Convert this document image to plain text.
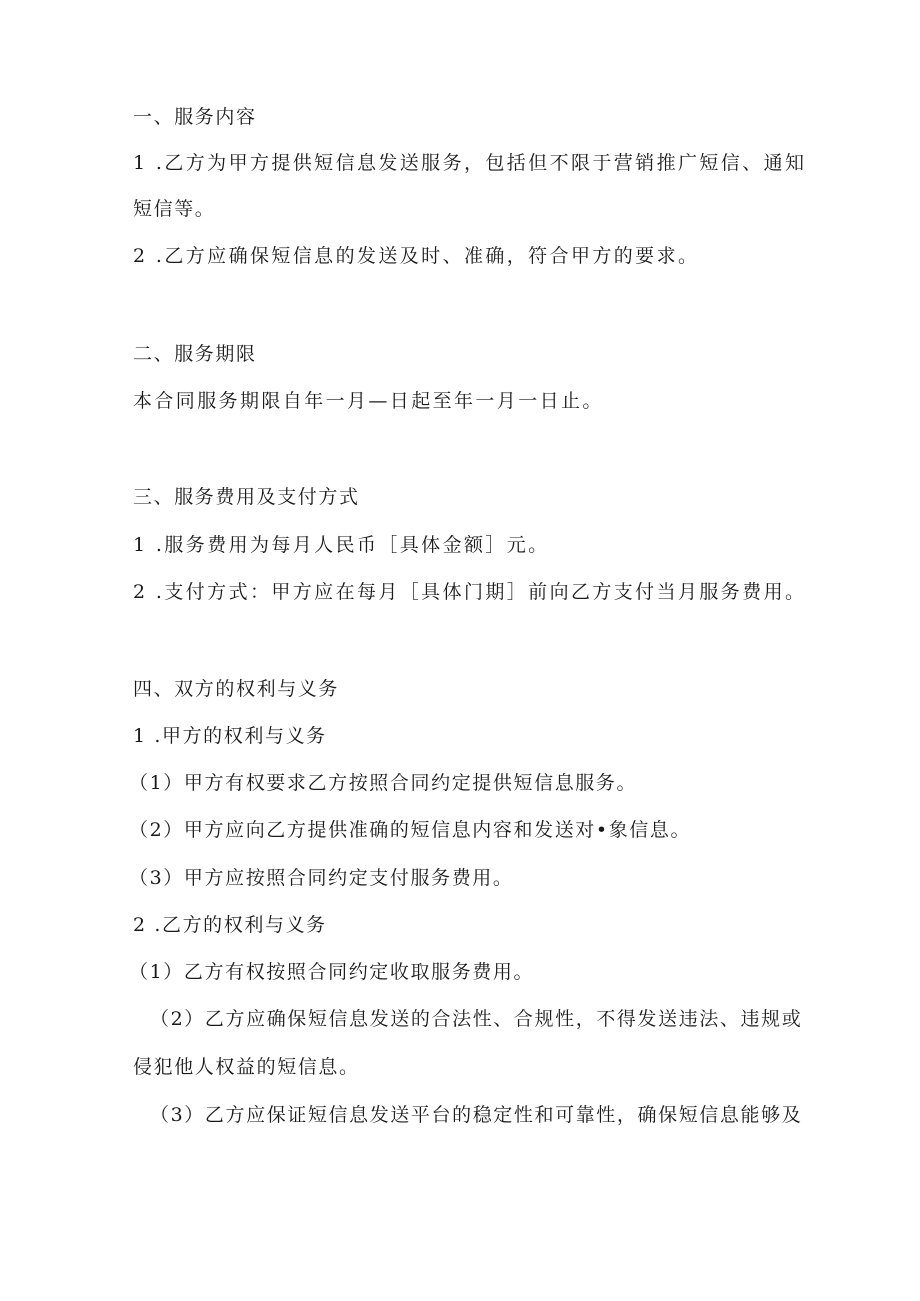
一、服务内容
1 .乙方为甲方提供短信息发送服务，包括但不限于营销推广短信、通知
短信等。
2 .乙方应确保短信息的发送及时、准确，符合甲方的要求。
二、服务期限
本合同服务期限自年一月—日起至年一月一日止。
三、服务费用及支付方式
1 .服务费用为每月人民币［具体金额］元。
2 .支付方式：甲方应在每月［具体门期］前向乙方支付当月服务费用。
四、双方的权利与义务
1 .甲方的权利与义务
（1）甲方有权要求乙方按照合同约定提供短信息服务。
（2）甲方应向乙方提供准确的短信息内容和发送对•象信息。
（3）甲方应按照合同约定支付服务费用。
2 .乙方的权利与义务
（1）乙方有权按照合同约定收取服务费用。
（2）乙方应确保短信息发送的合法性、合规性，不得发送违法、违规或
侵犯他人权益的短信息。
（3）乙方应保证短信息发送平台的稳定性和可靠性，确保短信息能够及
